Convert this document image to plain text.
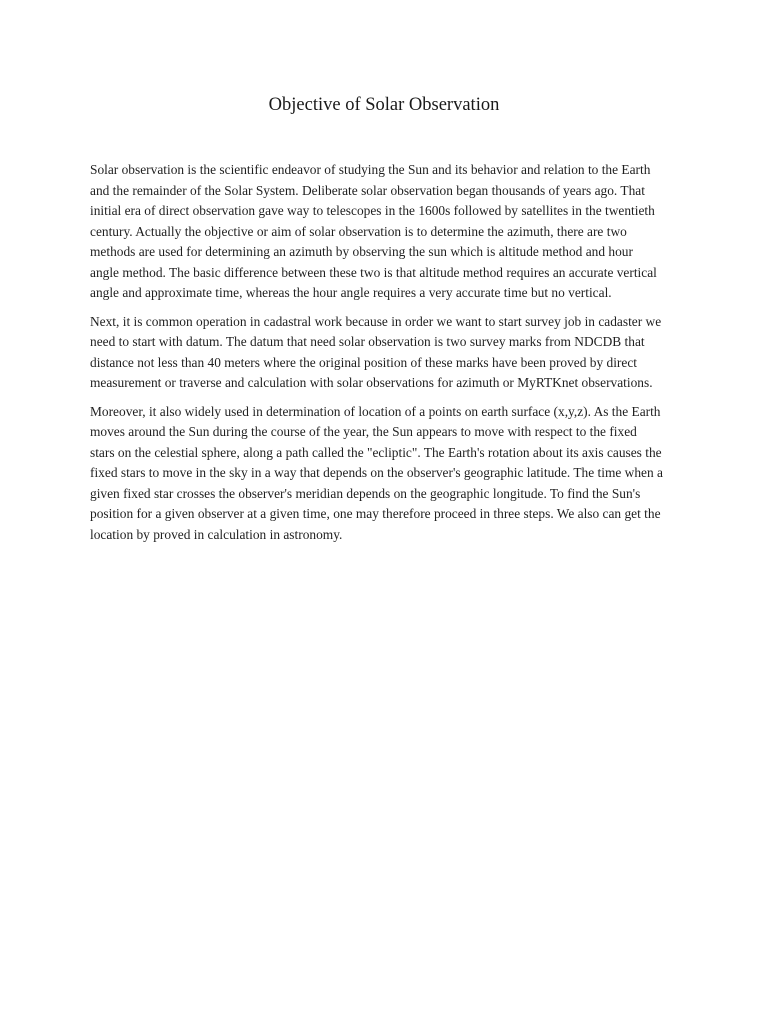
Objective of Solar Observation

Solar observation is the scientific endeavor of studying the Sun and its behavior and relation to the Earth and the remainder of the Solar System. Deliberate solar observation began thousands of years ago. That initial era of direct observation gave way to telescopes in the 1600s followed by satellites in the twentieth century. Actually the objective or aim of solar observation is to determine the azimuth, there are two methods are used for determining an azimuth by observing the sun which is altitude method and hour angle method. The basic difference between these two is that altitude method requires an accurate vertical angle and approximate time, whereas the hour angle requires a very accurate time but no vertical.

Next, it is common operation in cadastral work because in order we want to start survey job in cadaster we need to start with datum. The datum that need solar observation is two survey marks from NDCDB that distance not less than 40 meters where the original position of these marks have been proved by direct measurement or traverse and calculation with solar observations for azimuth or MyRTKnet observations.

Moreover, it also widely used in determination of location of a points on earth surface (x,y,z). As the Earth moves around the Sun during the course of the year, the Sun appears to move with respect to the fixed stars on the celestial sphere, along a path called the "ecliptic". The Earth's rotation about its axis causes the fixed stars to move in the sky in a way that depends on the observer's geographic latitude. The time when a given fixed star crosses the observer's meridian depends on the geographic longitude. To find the Sun's position for a given observer at a given time, one may therefore proceed in three steps. We also can get the location by proved in calculation in astronomy.
